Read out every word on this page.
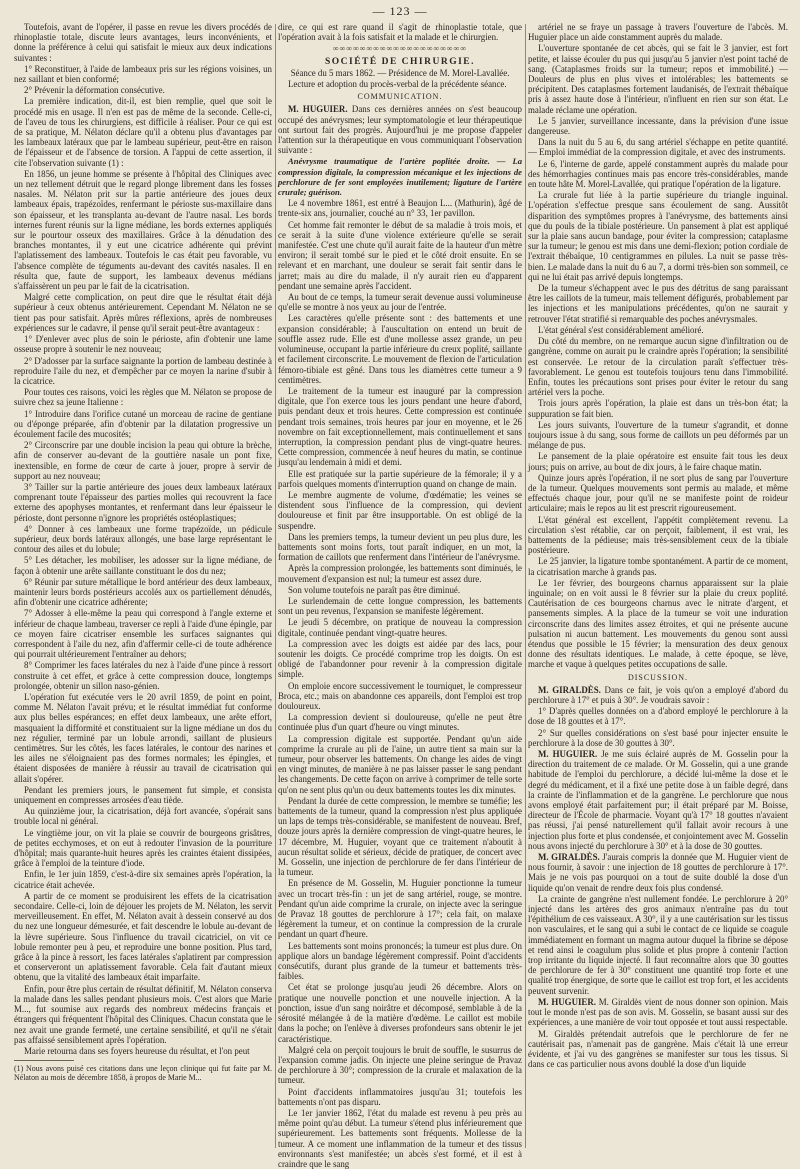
— 123 —

Toutefois, avant de l'opérer, il passe en revue les divers procédés de rhinoplastie totale, discute leurs avantages, leurs inconvénients, et donne la préférence à celui qui satisfait le mieux aux deux indications suivantes :

1° Reconstituer, à l'aide de lambeaux pris sur les régions voisines, un nez saillant et bien conformé;

2° Prévenir la déformation consécutive.

La première indication, dit-il, est bien remplie, quel que soit le procédé mis en usage. Il n'en est pas de même de la seconde. Celle-ci, de l'aveu de tous les chirurgiens, est difficile à réaliser. Pour ce qui est de sa pratique, M. Nélaton déclare qu'il a obtenu plus d'avantages par les lambeaux latéraux que par le lambeau supérieur, peut-être en raison de l'épaisseur et de l'absence de torsion. A l'appui de cette assertion, il cite l'observation suivante (1) :

En 1856, un jeune homme se présente à l'hôpital des Cliniques avec un nez tellement détruit que le regard plonge librement dans les fosses nasales. M. Nélaton prit sur la partie antérieure des joues deux lambeaux épais, trapézoïdes, renfermant le périoste sus-maxillaire dans son épaisseur, et les transplanta au-devant de l'autre nasal. Les bords internes furent réunis sur la ligne médiane, les bords externes appliqués sur le pourtour osseux des maxillaires. Grâce à la dénudation des branches montantes, il y eut une cicatrice adhérente qui prévint l'aplatissement des lambeaux. Toutefois le cas était peu favorable, vu l'absence complète de téguments au-devant des cavités nasales. Il en résulta que, faute de support, les lambeaux devenus médians s'affaissèrent un peu par le fait de la cicatrisation.

Malgré cette complication, on peut dire que le résultat était déjà supérieur à ceux obtenus antérieurement. Cependant M. Nélaton ne se tient pas pour satisfait. Après mûres réflexions, après de nombreuses expériences sur le cadavre, il pense qu'il serait peut-être avantageux :

1° D'enlever avec plus de soin le périoste, afin d'obtenir une lame osseuse propre à soutenir le nez nouveau;

2° D'adosser par la surface saignante la portion de lambeau destinée à reproduire l'aile du nez, et d'empêcher par ce moyen la narine d'subir à la cicatrice.

Pour toutes ces raisons, voici les règles que M. Nélaton se propose de suivre chez sa jeune Italienne :

1° Introduire dans l'orifice cutané un morceau de racine de gentiane ou d'éponge préparée, afin d'obtenir par la dilatation progressive un écoulement facile des mucosités;

2° Circonscrire par une double incision la peau qui obture la brèche, afin de conserver au-devant de la gouttière nasale un pont fixe, inextensible, en forme de cœur de carte à jouer, propre à servir de support au nez nouveau;

3° Tailler sur la partie antérieure des joues deux lambeaux latéraux comprenant toute l'épaisseur des parties molles qui recouvrent la face externe des apophyses montantes, et renfermant dans leur épaisseur le périoste, dont personne n'ignore les propriétés ostéoplastiques;

4° Donner à ces lambeaux une forme trapézoïde, un pédicule supérieur, deux bords latéraux allongés, une base large représentant le contour des ailes et du lobule;

5° Les détacher, les mobiliser, les adosser sur la ligne médiane, de façon à obtenir une arête saillante constituant le dos du nez;

6° Réunir par suture métallique le bord antérieur des deux lambeaux, maintenir leurs bords postérieurs accolés aux os partiellement dénudés, afin d'obtenir une cicatrice adhérente;

7° Adosser à elle-même la peau qui correspond à l'angle externe et inférieur de chaque lambeau, traverser ce repli à l'aide d'une épingle, par ce moyen faire cicatriser ensemble les surfaces saignantes qui correspondent à l'aile du nez, afin d'affermir celle-ci de toute adhérence qui pourrait ultérieurement l'entraîner au dehors;

8° Comprimer les faces latérales du nez à l'aide d'une pince à ressort construite à cet effet, et grâce à cette compression douce, longtemps prolongée, obtenir un sillon naso-génien.

L'opération fut exécutée vers le 20 avril 1859, de point en point, comme M. Nélaton l'avait prévu; et le résultat immédiat fut conforme aux plus belles espérances; en effet deux lambeaux, une arête effort, masquaient la difformité et constituaient sur la ligne médiane un dos du nez régulier, terminé par un lobule arrondi, saillant de plusieurs centimètres. Sur les côtés, les faces latérales, le contour des narines et les ailes ne s'éloignaient pas des formes normales; les épingles, et étaient disposées de manière à réussir au travail de cicatrisation qui allait s'opérer.

Pendant les premiers jours, le pansement fut simple, et consista uniquement en compresses arrosées d'eau tiède.

Au quinzième jour, la cicatrisation, déjà fort avancée, s'opérait sans trouble local ni général.

Le vingtième jour, on vit la plaie se couvrir de bourgeons grisâtres, de petites ecchymoses, et on eut à redouter l'invasion de la pourriture d'hôpital; mais quarante-huit heures après les craintes étaient dissipées, grâce à l'emploi de la teinture d'iode.

Enfin, le 1er juin 1859, c'est-à-dire six semaines après l'opération, la cicatrice était achevée.

A partir de ce moment se produisirent les effets de la cicatrisation secondaire. Celle-ci, loin de déjouer les projets de M. Nélaton, les servit merveilleusement. En effet, M. Nélaton avait à dessein conservé au dos du nez une longueur démesurée, et fait descendre le lobule au-devant de la lèvre supérieure. Sous l'influence du travail cicatriciel, on vit ce lobule remonter peu à peu, et reproduire une bonne position. Plus tard, grâce à la pince à ressort, les faces latérales s'aplatirent par compression et conserveront un aplatissement favorable. Cela fait d'autant mieux obtenu, que la vitalité des lambeaux était imparfaite.

Enfin, pour être plus certain de résultat définitif, M. Nélaton conserva la malade dans les salles pendant plusieurs mois. C'est alors que Marie M..., fut soumise aux regards des nombreux médecins français et étrangers qui fréquentent l'hôpital des Cliniques. Chacun constata que le nez avait une grande fermeté, une certaine sensibilité, et qu'il ne s'était pas affaissé sensiblement après l'opération.

Marie retourna dans ses foyers heureuse du résultat, et l'on peut

(1) Nous avons puisé ces citations dans une leçon clinique qui fut faite par M. Nélaton au mois de décembre 1858, à propos de Marie M...

dire, ce qui est rare quand il s'agit de rhinoplastie totale, que l'opération avait à la fois satisfait et la malade et le chirurgien.

∞∞∞∞∞∞∞∞∞∞∞∞∞∞∞∞∞∞∞∞
SOCIÉTÉ DE CHIRURGIE.

Séance du 5 mars 1862. — Présidence de M. Morel-Lavallée.

Lecture et adoption du procès-verbal de la précédente séance.

COMMUNICATION.

M. HUGUIER. Dans ces dernières années on s'est beaucoup occupé des anévrysmes; leur symptomatologie et leur thérapeutique ont surtout fait des progrès. Aujourd'hui je me propose d'appeler l'attention sur la thérapeutique en vous communiquant l'observation suivante :

Anévrysme traumatique de l'artère poplitée droite. — La compression digitale, la compression mécanique et les injections de perchlorure de fer sont employées inutilement; ligature de l'artère crurale; guérison.

Le 4 novembre 1861, est entré à Beaujon L... (Mathurin), âgé de trente-six ans, journalier, couché au n° 33, 1er pavillon.

Cet homme fait remonter le début de sa maladie à trois mois, et ce serait à la suite d'une violence extérieure qu'elle se serait manifestée. C'est une chute qu'il aurait faite de la hauteur d'un mètre environ; il serait tombé sur le pied et le côté droit ensuite. En se relevant et en marchant, une douleur se serait fait sentir dans le jarret; mais au dire du malade, il n'y aurait rien eu d'apparent pendant une semaine après l'accident.

Au bout de ce temps, la tumeur serait devenue aussi volumineuse qu'elle se montre à nos yeux au jour de l'entrée.

Les caractères qu'elle présente sont : des battements et une expansion considérable; à l'auscultation on entend un bruit de souffle assez rude. Elle est d'une mollesse assez grande, un peu volumineuse, occupant la partie inférieure du creux poplité, saillante et facilement circonscrite. Le mouvement de flexion de l'articulation fémoro-tibiale est gêné. Dans tous les diamètres cette tumeur a 9 centimètres.

Le traitement de la tumeur est inauguré par la compression digitale, que l'on exerce tous les jours pendant une heure d'abord, puis pendant deux et trois heures. Cette compression est continuée pendant trois semaines, trois heures par jour en moyenne, et le 26 novembre on fait exceptionnellement, mais continuellement et sans interruption, la compression pendant plus de vingt-quatre heures. Cette compression, commencée à neuf heures du matin, se continue jusqu'au lendemain à midi et demi.

Elle est pratiquée sur la partie supérieure de la fémorale; il y a parfois quelques moments d'interruption quand on change de main.

Le membre augmente de volume, d'œdématie; les veines se distendent sous l'influence de la compression, qui devient douloureuse et finit par être insupportable. On est obligé de la suspendre.

Dans les premiers temps, la tumeur devient un peu plus dure, les battements sont moins forts, tout paraît indiquer, en un mot, la formation de caillots que renferment dans l'intérieur de l'anévrysme.

Après la compression prolongée, les battements sont diminués, le mouvement d'expansion est nul; la tumeur est assez dure.

Son volume toutefois ne paraît pas être diminué.

Le surlendemain de cette longue compression, les battements sont un peu revenus, l'expansion se manifeste légèrement.

Le jeudi 5 décembre, on pratique de nouveau la compression digitale, continuée pendant vingt-quatre heures.

La compression avec les doigts est aidée par des lacs, pour soutenir les doigts. Ce procédé comprime trop les doigts. On est obligé de l'abandonner pour revenir à la compression digitale simple.

On emploie encore successivement le tourniquet, le compresseur Broca, etc.; mais on abandonne ces appareils, dont l'emploi est trop douloureux.

La compression devient si douloureuse, qu'elle ne peut être continuée plus d'un quart d'heure ou vingt minutes.

La compression digitale est supportée. Pendant qu'un aide comprime la crurale au pli de l'aine, un autre tient sa main sur la tumeur, pour observer les battements. On change les aides de vingt en vingt minutes, de manière à ne pas laisser passer le sang pendant les changements. De cette façon on arrive à comprimer de telle sorte qu'on ne sent plus qu'un ou deux battements toutes les dix minutes.

Pendant la durée de cette compression, le membre se tuméfie; les battements de la tumeur, quand la compression n'est plus appliquée un laps de temps très-considérable, se manifestent de nouveau. Bref, douze jours après la dernière compression de vingt-quatre heures, le 17 décembre, M. Huguier, voyant que ce traitement n'aboutit à aucun résultat solide et sérieux, décide de pratiquer, de concert avec M. Gosselin, une injection de perchlorure de fer dans l'intérieur de la tumeur.

En présence de M. Gosselin, M. Huguier ponctionne la tumeur avec un trocart très-fin : un jet de sang artériel, rouge, se montre. Pendant qu'un aide comprime la crurale, on injecte avec la seringue de Pravaz 18 gouttes de perchlorure à 17°; cela fait, on malaxe légèrement la tumeur, et on continue la compression de la crurale pendant un quart d'heure.

Les battements sont moins prononcés; la tumeur est plus dure. On applique alors un bandage légèrement compressif. Point d'accidents consécutifs, durant plus grande de la tumeur et battements très-faibles.

Cet état se prolonge jusqu'au jeudi 26 décembre. Alors on pratique une nouvelle ponction et une nouvelle injection. A la ponction, issue d'un sang noirâtre et décomposé, semblable à de la sérosité mélangée à de la matière d'œdème. Le caillot est mobile dans la poche; on l'enlève à diverses profondeurs sans obtenir le jet caractéristique.

Malgré cela on perçoit toujours le bruit de souffle, le susurrus de l'expansion comme jadis. On injecte une pleine seringue de Pravaz de perchlorure à 30°; compression de la crurale et malaxation de la tumeur.

Point d'accidents inflammatoires jusqu'au 31; toutefois les battements n'ont pas disparu.

Le 1er janvier 1862, l'état du malade est revenu à peu près au même point qu'au début. La tumeur s'étend plus inférieurement que supérieurement. Les battements sont fréquents. Mollesse de la tumeur. A ce moment une inflammation de la tumeur et des tissus environnants s'est manifestée; un abcès s'est formé, et il est à craindre que le sang

artériel ne se fraye un passage à travers l'ouverture de l'abcès. M. Huguier place un aide constamment auprès du malade.

L'ouverture spontanée de cet abcès, qui se fait le 3 janvier, est fort petite, et laisse écouler du pus qui jusqu'au 5 janvier n'est point taché de sang. (Cataplasmes froids sur la tumeur; repos et immobilité.) — Douleurs de plus en plus vives et intolérables; les battements se précipitent. Des cataplasmes fortement laudanisés, de l'extrait thébaïque pris à assez haute dose à l'intérieur, n'influent en rien sur son état. Le malade réclame une opération.

Le 5 janvier, surveillance incessante, dans la prévision d'une issue dangereuse.

Dans la nuit du 5 au 6, du sang artériel s'échappe en petite quantité. — Emploi immédiat de la compression digitale, et avec des instruments.

Le 6, l'interne de garde, appelé constamment auprès du malade pour des hémorrhagies continues mais pas encore très-considérables, mande en toute hâte M. Morel-Lavallée, qui pratique l'opération de la ligature.

La crurale fut liée à la partie supérieure du triangle inguinal. L'opération s'effectue presque sans écoulement de sang. Aussitôt disparition des symptômes propres à l'anévrysme, des battements ainsi que du pouls de la tibiale postérieure. Un pansement à plat est appliqué sur la plaie sans aucun bandage, pour éviter la compression; cataplasme sur la tumeur; le genou est mis dans une demi-flexion; potion cordiale de l'extrait thébaïque, 10 centigrammes en pilules. La nuit se passe très-bien. Le malade dans la nuit du 6 au 7, a dormi très-bien son sommeil, ce qui ne lui était pas arrivé depuis longtemps.

De la tumeur s'échappent avec le pus des détritus de sang paraissant être les caillots de la tumeur, mais tellement défigurés, probablement par les injections et les manipulations précédentes, qu'on ne saurait y retrouver l'état stratifié si remarquable des poches anévrysmales.

L'état général s'est considérablement amélioré.

Du côté du membre, on ne remarque aucun signe d'infiltration ou de gangrène, comme on aurait pu le craindre après l'opération; la sensibilité est conservée. Le retour de la circulation paraît s'effectuer très-favorablement. Le genou est toutefois toujours tenu dans l'immobilité. Enfin, toutes les précautions sont prises pour éviter le retour du sang artériel vers la poche.

Trois jours après l'opération, la plaie est dans un très-bon état; la suppuration se fait bien.

Les jours suivants, l'ouverture de la tumeur s'agrandit, et donne toujours issue à du sang, sous forme de caillots un peu déformés par un mélange de pus.

Le pansement de la plaie opératoire est ensuite fait tous les deux jours; puis on arrive, au bout de dix jours, à le faire chaque matin.

Quinze jours après l'opération, il ne sort plus de sang par l'ouverture de la tumeur. Quelques mouvements sont permis au malade, et même effectués chaque jour, pour qu'il ne se manifeste point de roideur articulaire; mais le repos au lit est prescrit rigoureusement.

L'état général est excellent, l'appétit complètement revenu. La circulation s'est rétablie, car on perçoit, faiblement, il est vrai, les battements de la pédieuse; mais très-sensiblement ceux de la tibiale postérieure.

Le 25 janvier, la ligature tombe spontanément. A partir de ce moment, la cicatrisation marche à grands pas.

Le 1er février, des bourgeons charnus apparaissent sur la plaie inguinale; on en voit aussi le 8 février sur la plaie du creux poplité. Cautérisation de ces bourgeons charnus avec le nitrate d'argent, et pansements simples. A la place de la tumeur se voit une induration circonscrite dans des limites assez étroites, et qui ne présente aucune pulsation ni aucun battement. Les mouvements du genou sont aussi étendus que possible le 15 février; la mensuration des deux genoux donne des résultats identiques. Le malade, à cette époque, se lève, marche et vaque à quelques petites occupations de salle.

DISCUSSION.

M. GIRALDÈS. Dans ce fait, je vois qu'on a employé d'abord du perchlorure à 17° et puis à 30°. Je voudrais savoir :

1° D'après quelles données on a d'abord employé le perchlorure à la dose de 18 gouttes et à 17°.

2° Sur quelles considérations on s'est basé pour injecter ensuite le perchlorure à la dose de 30 gouttes à 30°.

M. HUGUIER. Je me suis éclairé auprès de M. Gosselin pour la direction du traitement de ce malade. Or M. Gosselin, qui a une grande habitude de l'emploi du perchlorure, a décidé lui-même la dose et le degré du médicament, et il a fixé une petite dose à un faible degré, dans la crainte de l'inflammation et de la gangrène. Le perchlorure que nous avons employé était parfaitement pur; il était préparé par M. Boisse, directeur de l'École de pharmacie. Voyant qu'à 17° 18 gouttes n'avaient pas réussi, j'ai pensé naturellement qu'il fallait avoir recours à une injection plus forte et plus condensée, et conjointement avec M. Gosselin nous avons injecté du perchlorure à 30° et à la dose de 30 gouttes.

M. GIRALDÈS. J'aurais compris la donnée que M. Huguier vient de nous fournir, à savoir : une injection de 18 gouttes de perchlorure à 17°. Mais je ne vois pas pourquoi on a tout de suite doublé la dose d'un liquide qu'on venait de rendre deux fois plus condensé.

La crainte de gangrène n'est nullement fondée. Le perchlorure à 20° injecté dans les artères des gros animaux n'entraîne pas du tout l'épithélium de ces vaisseaux. A 30°, il y a une cautérisation sur les tissus non vasculaires, et le sang qui a subi le contact de ce liquide se coagule immédiatement en formant un magma autour duquel la fibrine se dépose et rend ainsi le coagulum plus solide et plus propre à contenir l'action trop irritante du liquide injecté. Il faut reconnaître alors que 30 gouttes de perchlorure de fer à 30° constituent une quantité trop forte et une qualité trop énergique, de sorte que le caillot est trop fort, et les accidents peuvent survenir.

M. HUGUIER. M. Giraldès vient de nous donner son opinion. Mais tout le monde n'est pas de son avis. M. Gosselin, se basant aussi sur des expériences, a une manière de voir tout opposée et tout aussi respectable.

M. Giraldès prétendait autrefois que le perchlorure de fer ne cautérisait pas, n'amenait pas de gangrène. Mais c'était là une erreur évidente, et j'ai vu des gangrènes se manifester sur tous les tissus. Si dans ce cas particulier nous avons doublé la dose d'un liquide
